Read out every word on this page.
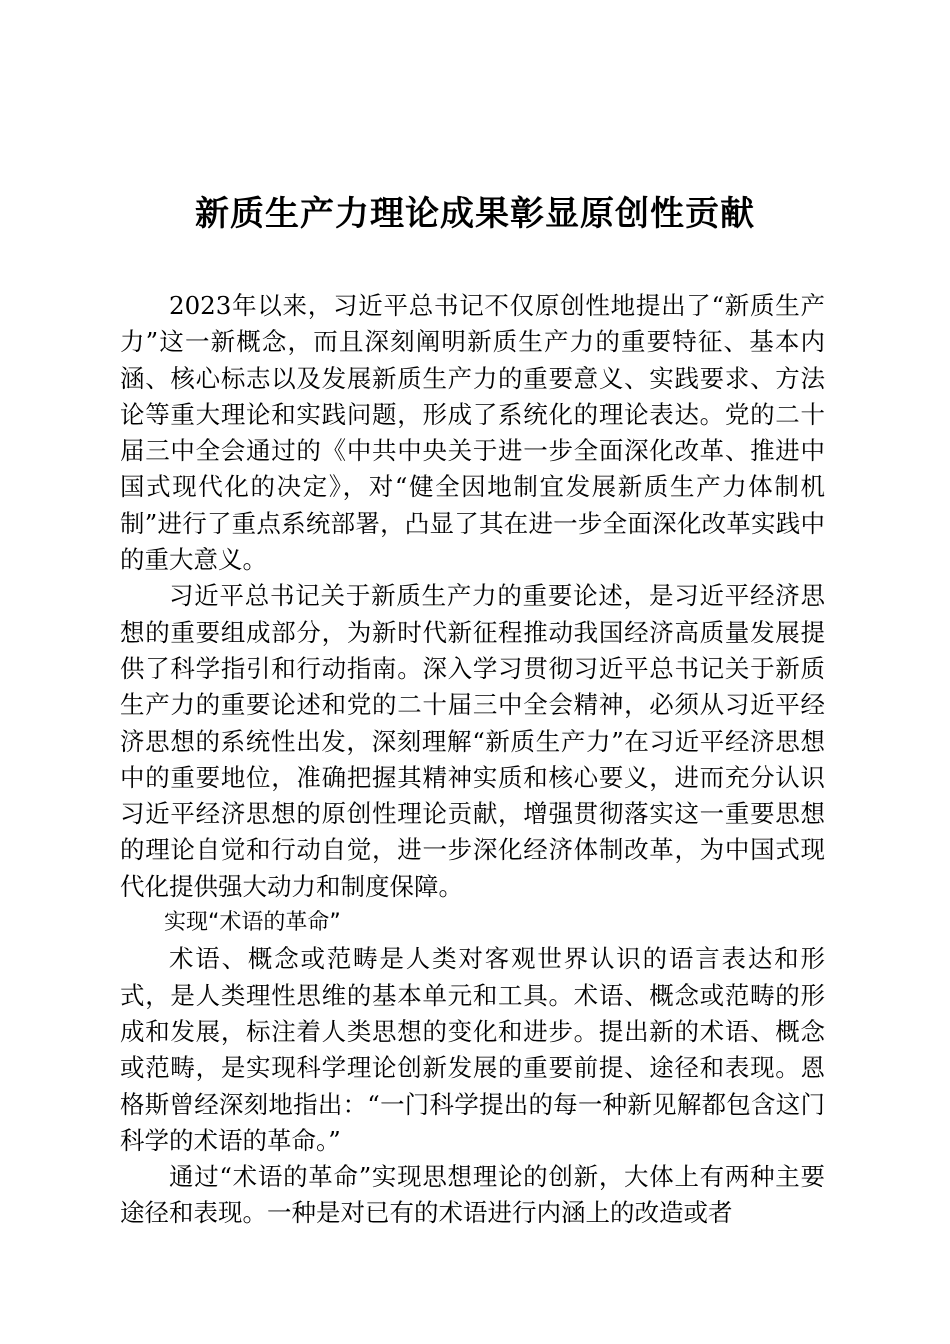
新质生产力理论成果彰显原创性贡献

2023年以来，习近平总书记不仅原创性地提出了“新质生产力”这一新概念，而且深刻阐明新质生产力的重要特征、基本内涵、核心标志以及发展新质生产力的重要意义、实践要求、方法论等重大理论和实践问题，形成了系统化的理论表达。党的二十届三中全会通过的《中共中央关于进一步全面深化改革、推进中国式现代化的决定》，对“健全因地制宜发展新质生产力体制机制”进行了重点系统部署，凸显了其在进一步全面深化改革实践中的重大意义。

习近平总书记关于新质生产力的重要论述，是习近平经济思想的重要组成部分，为新时代新征程推动我国经济高质量发展提供了科学指引和行动指南。深入学习贯彻习近平总书记关于新质生产力的重要论述和党的二十届三中全会精神，必须从习近平经济思想的系统性出发，深刻理解“新质生产力”在习近平经济思想中的重要地位，准确把握其精神实质和核心要义，进而充分认识习近平经济思想的原创性理论贡献，增强贯彻落实这一重要思想的理论自觉和行动自觉，进一步深化经济体制改革，为中国式现代化提供强大动力和制度保障。

实现“术语的革命”

术语、概念或范畴是人类对客观世界认识的语言表达和形式，是人类理性思维的基本单元和工具。术语、概念或范畴的形成和发展，标注着人类思想的变化和进步。提出新的术语、概念或范畴，是实现科学理论创新发展的重要前提、途径和表现。恩格斯曾经深刻地指出：“一门科学提出的每一种新见解都包含这门科学的术语的革命。”

通过“术语的革命”实现思想理论的创新，大体上有两种主要途径和表现。一种是对已有的术语进行内涵上的改造或者
